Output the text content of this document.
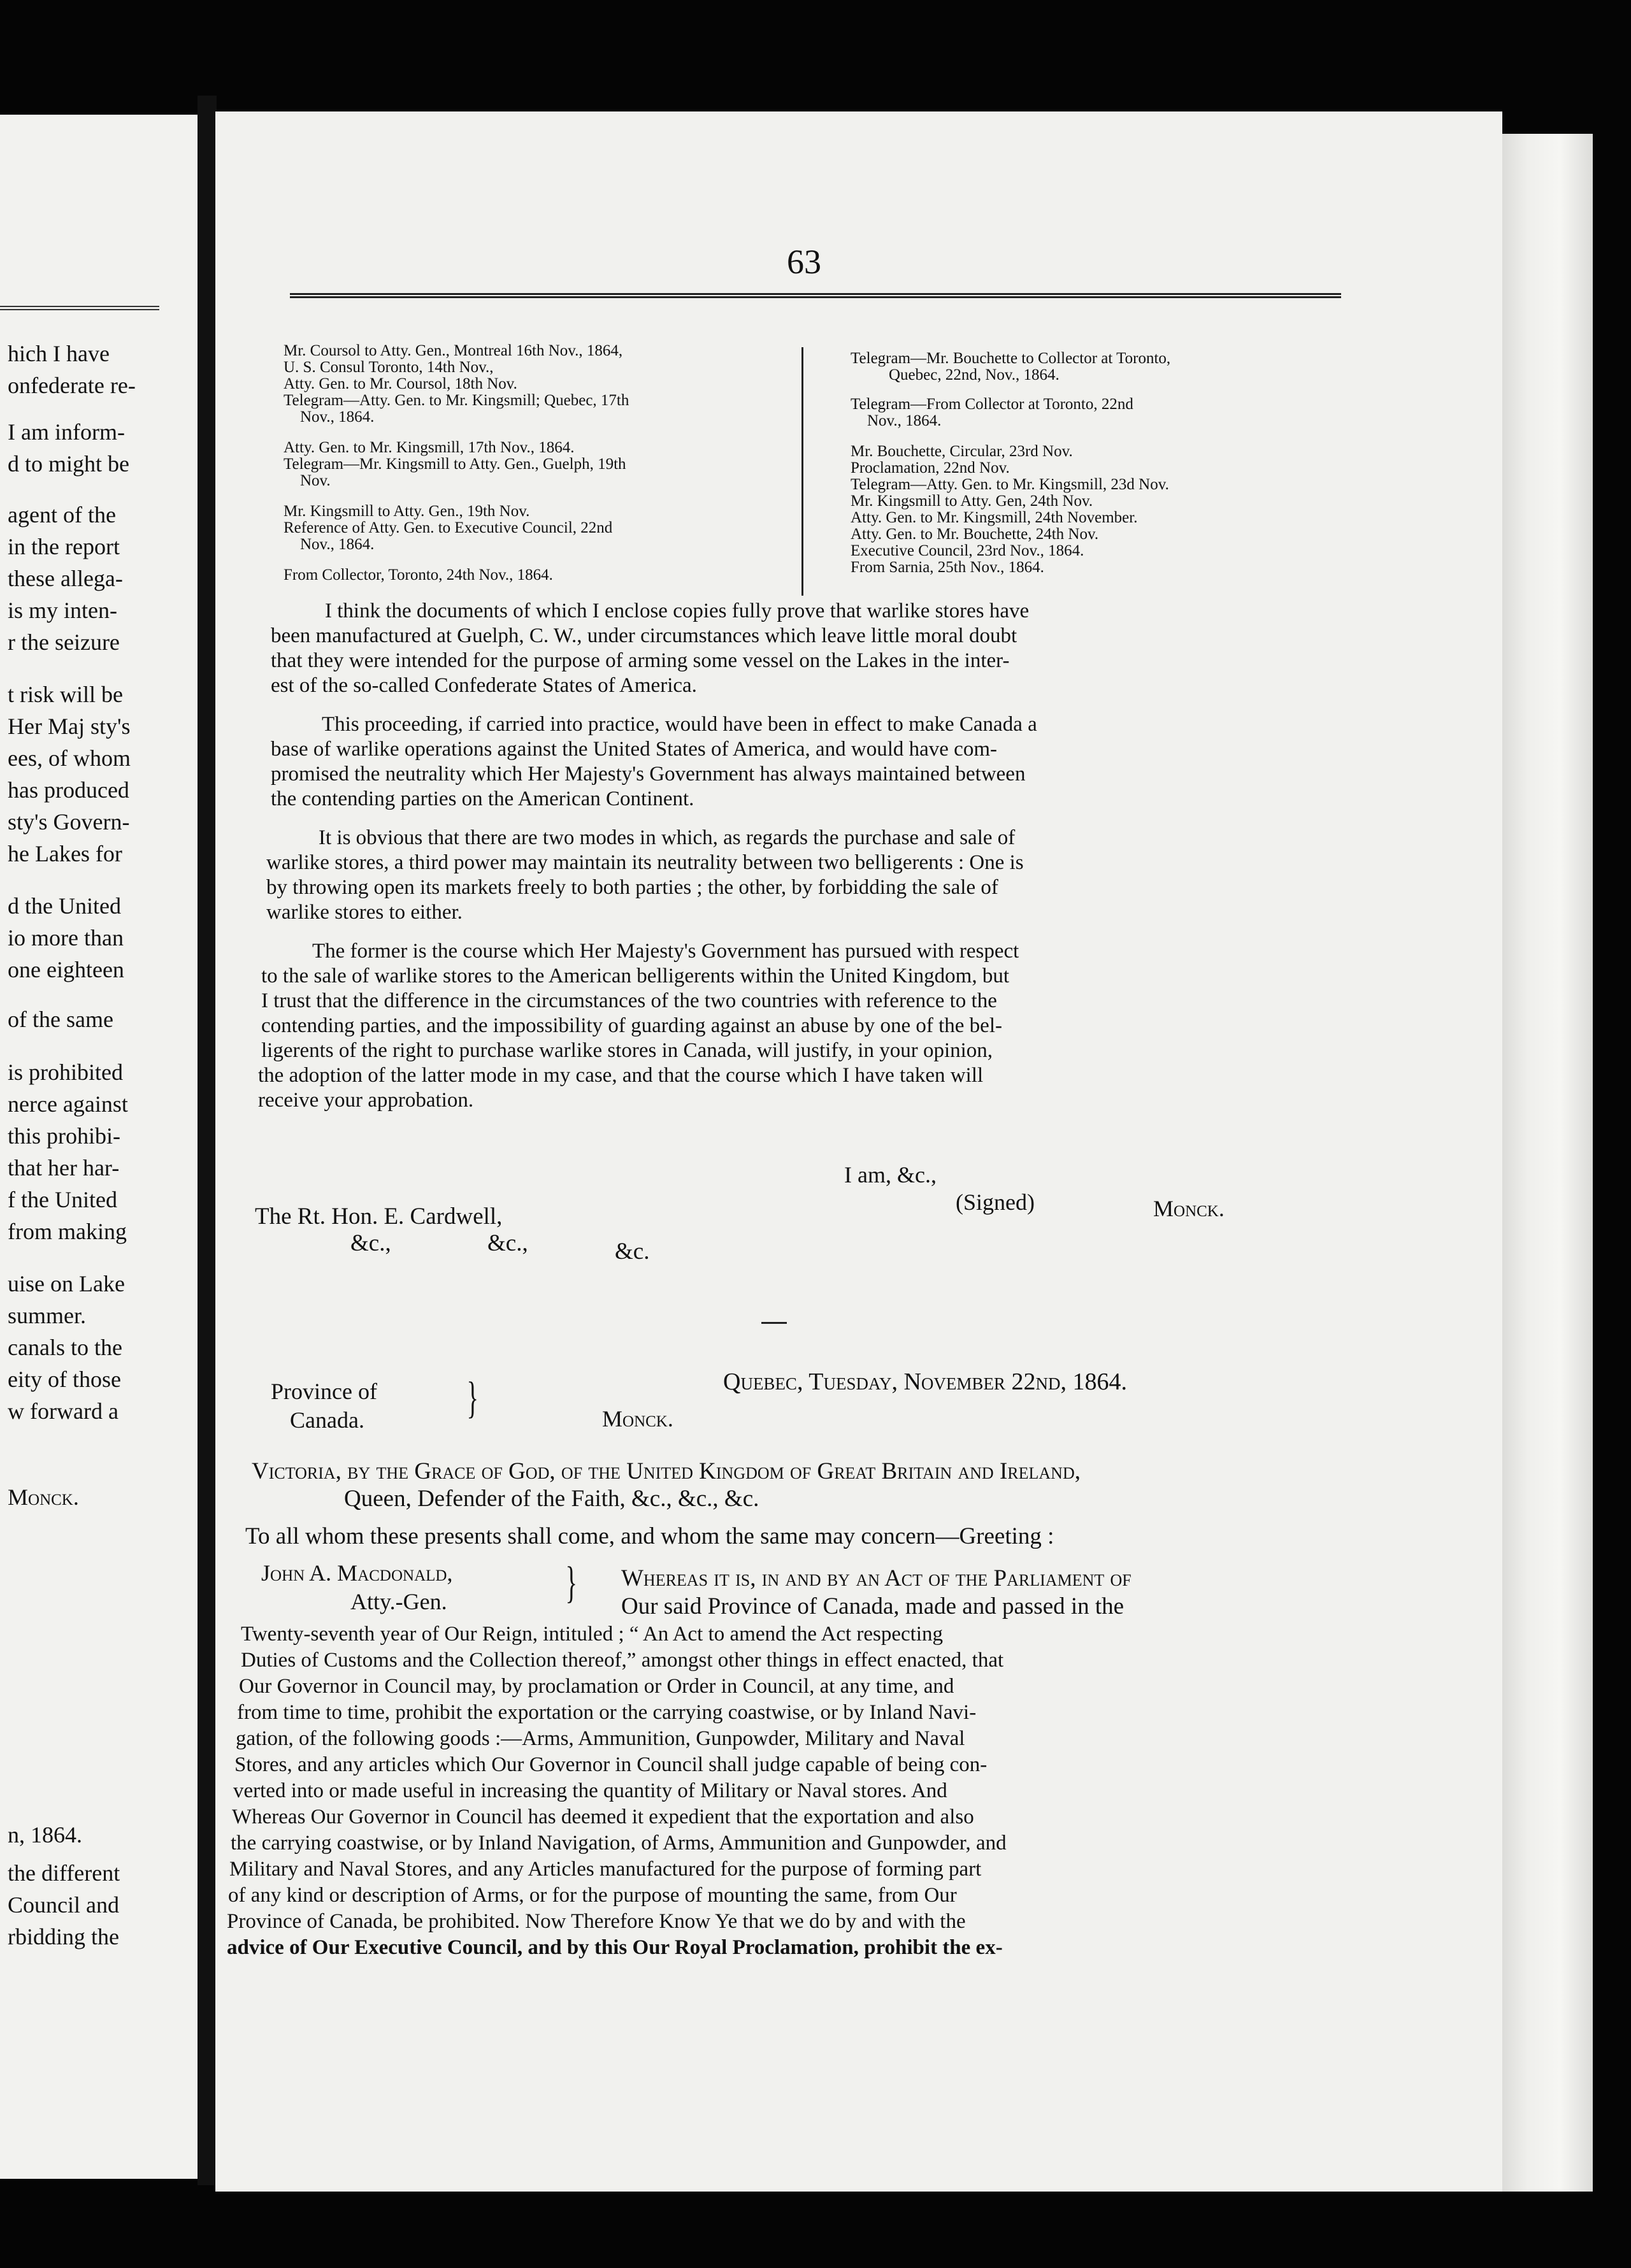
hich I have
onfederate re-
I am inform-
d to might be
agent of the
in the report
these allega-
is my inten-
r the seizure
t risk will be
Her Maj sty's
ees, of whom
has produced
sty's Govern-
he Lakes for
d the United
io more than
one eighteen
of the same
is prohibited
nerce against
this prohibi-
that her har-
f the United
from making
uise on Lake
summer.
canals to the
eity of those
w forward a
Monck.
n, 1864.
the different
Council and
rbidding the
63
Mr. Coursol to Atty. Gen., Montreal 16th Nov., 1864,
U. S. Consul Toronto, 14th Nov.,
Atty. Gen. to Mr. Coursol, 18th Nov.
Telegram—Atty. Gen. to Mr. Kingsmill; Quebec, 17th
Nov., 1864.
Atty. Gen. to Mr. Kingsmill, 17th Nov., 1864.
Telegram—Mr. Kingsmill to Atty. Gen., Guelph, 19th
Nov.
Mr. Kingsmill to Atty. Gen., 19th Nov.
Reference of Atty. Gen. to Executive Council, 22nd
Nov., 1864.
From Collector, Toronto, 24th Nov., 1864.
Telegram—Mr. Bouchette to Collector at Toronto,
Quebec, 22nd, Nov., 1864.
Telegram—From Collector at Toronto, 22nd
Nov., 1864.
Mr. Bouchette, Circular, 23rd Nov.
Proclamation, 22nd Nov.
Telegram—Atty. Gen. to Mr. Kingsmill, 23d Nov.
Mr. Kingsmill to Atty. Gen, 24th Nov.
Atty. Gen. to Mr. Kingsmill, 24th November.
Atty. Gen. to Mr. Bouchette, 24th Nov.
Executive Council, 23rd Nov., 1864.
From Sarnia, 25th Nov., 1864.
I think the documents of which I enclose copies fully prove that warlike stores have
been manufactured at Guelph, C. W., under circumstances which leave little moral doubt
that they were intended for the purpose of arming some vessel on the Lakes in the inter-
est of the so-called Confederate States of America.
This proceeding, if carried into practice, would have been in effect to make Canada a
base of warlike operations against the United States of America, and would have com-
promised the neutrality which Her Majesty's Government has always maintained between
the contending parties on the American Continent.
It is obvious that there are two modes in which, as regards the purchase and sale of
warlike stores, a third power may maintain its neutrality between two belligerents : One is
by throwing open its markets freely to both parties ; the other, by forbidding the sale of
warlike stores to either.
The former is the course which Her Majesty's Government has pursued with respect
to the sale of warlike stores to the American belligerents within the United Kingdom, but
I trust that the difference in the circumstances of the two countries with reference to the
contending parties, and the impossibility of guarding against an abuse by one of the bel-
ligerents of the right to purchase warlike stores in Canada, will justify, in your opinion,
the adoption of the latter mode in my case, and that the course which I have taken will
receive your approbation.
I am, &c.,
(Signed)	Monck.
The Rt. Hon. E. Cardwell,
&c.,	&c.,	&c.
Quebec, Tuesday, November 22nd, 1864.
Province of
Canada. }	Monck.
Victoria, by the Grace of God, of the United Kingdom of Great Britain and Ireland,
Queen, Defender of the Faith, &c., &c., &c.
To all whom these presents shall come, and whom the same may concern—Greeting :
John A. Macdonald,
Atty.-Gen.	} Whereas it is, in and by an Act of the Parliament of
Our said Province of Canada, made and passed in the
Twenty-seventh year of Our Reign, intituled ; “ An Act to amend the Act respecting
Duties of Customs and the Collection thereof,” amongst other things in effect enacted, that
Our Governor in Council may, by proclamation or Order in Council, at any time, and
from time to time, prohibit the exportation or the carrying coastwise, or by Inland Navi-
gation, of the following goods :—Arms, Ammunition, Gunpowder, Military and Naval
Stores, and any articles which Our Governor in Council shall judge capable of being con-
verted into or made useful in increasing the quantity of Military or Naval stores. And
Whereas Our Governor in Council has deemed it expedient that the exportation and also
the carrying coastwise, or by Inland Navigation, of Arms, Ammunition and Gunpowder, and
Military and Naval Stores, and any Articles manufactured for the purpose of forming part
of any kind or description of Arms, or for the purpose of mounting the same, from Our
Province of Canada, be prohibited. Now Therefore Know Ye that we do by and with the
advice of Our Executive Council, and by this Our Royal Proclamation, prohibit the ex-
